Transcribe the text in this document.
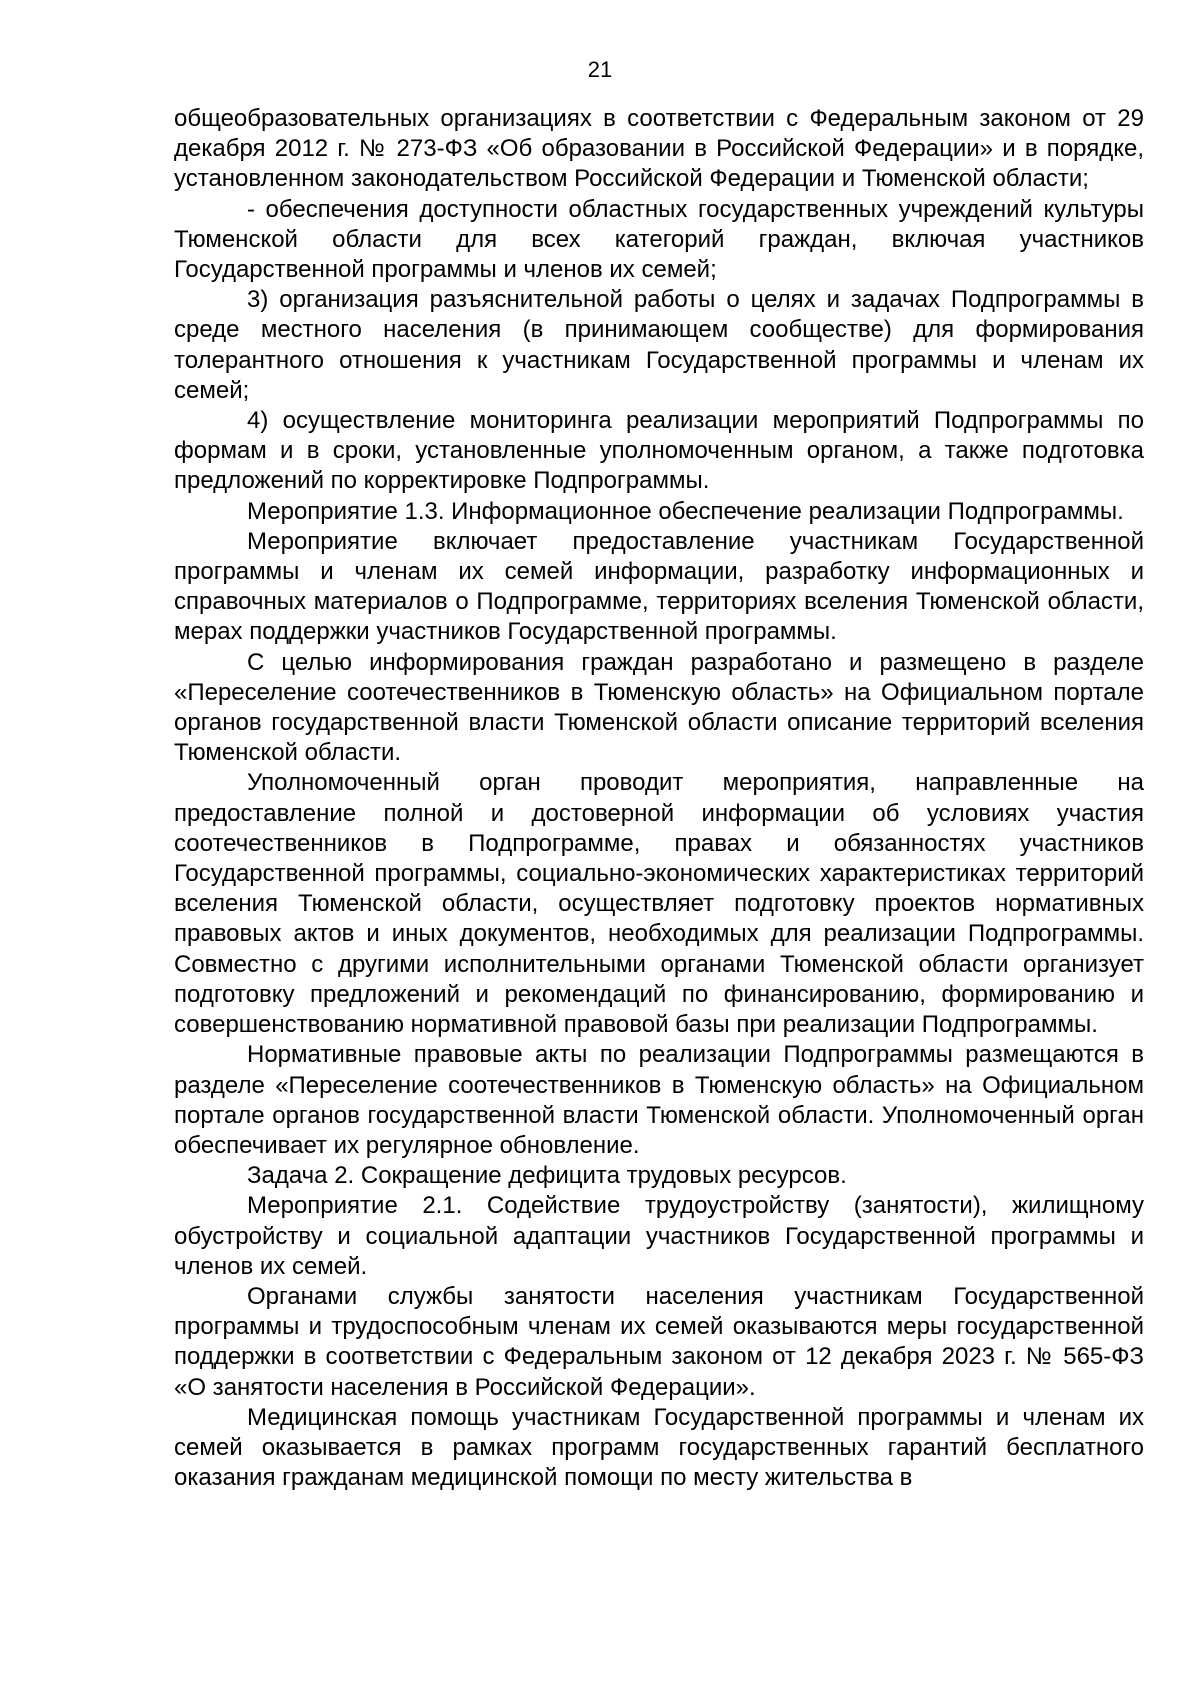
21

общеобразовательных организациях в соответствии с Федеральным законом от 29 декабря 2012 г. № 273-ФЗ «Об образовании в Российской Федерации» и в порядке, установленном законодательством Российской Федерации и Тюменской области;

- обеспечения доступности областных государственных учреждений культуры Тюменской области для всех категорий граждан, включая участников Государственной программы и членов их семей;

3) организация разъяснительной работы о целях и задачах Подпрограммы в среде местного населения (в принимающем сообществе) для формирования толерантного отношения к участникам Государственной программы и членам их семей;

4) осуществление мониторинга реализации мероприятий Подпрограммы по формам и в сроки, установленные уполномоченным органом, а также подготовка предложений по корректировке Подпрограммы.

Мероприятие 1.3. Информационное обеспечение реализации Подпрограммы.

Мероприятие включает предоставление участникам Государственной программы и членам их семей информации, разработку информационных и справочных материалов о Подпрограмме, территориях вселения Тюменской области, мерах поддержки участников Государственной программы.

С целью информирования граждан разработано и размещено в разделе «Переселение соотечественников в Тюменскую область» на Официальном портале органов государственной власти Тюменской области описание территорий вселения Тюменской области.

Уполномоченный орган проводит мероприятия, направленные на предоставление полной и достоверной информации об условиях участия соотечественников в Подпрограмме, правах и обязанностях участников Государственной программы, социально-экономических характеристиках территорий вселения Тюменской области, осуществляет подготовку проектов нормативных правовых актов и иных документов, необходимых для реализации Подпрограммы. Совместно с другими исполнительными органами Тюменской области организует подготовку предложений и рекомендаций по финансированию, формированию и совершенствованию нормативной правовой базы при реализации Подпрограммы.

Нормативные правовые акты по реализации Подпрограммы размещаются в разделе «Переселение соотечественников в Тюменскую область» на Официальном портале органов государственной власти Тюменской области. Уполномоченный орган обеспечивает их регулярное обновление.

Задача 2. Сокращение дефицита трудовых ресурсов.

Мероприятие 2.1. Содействие трудоустройству (занятости), жилищному обустройству и социальной адаптации участников Государственной программы и членов их семей.

Органами службы занятости населения участникам Государственной программы и трудоспособным членам их семей оказываются меры государственной поддержки в соответствии с Федеральным законом от 12 декабря 2023 г. № 565-ФЗ «О занятости населения в Российской Федерации».

Медицинская помощь участникам Государственной программы и членам их семей оказывается в рамках программ государственных гарантий бесплатного оказания гражданам медицинской помощи по месту жительства в
